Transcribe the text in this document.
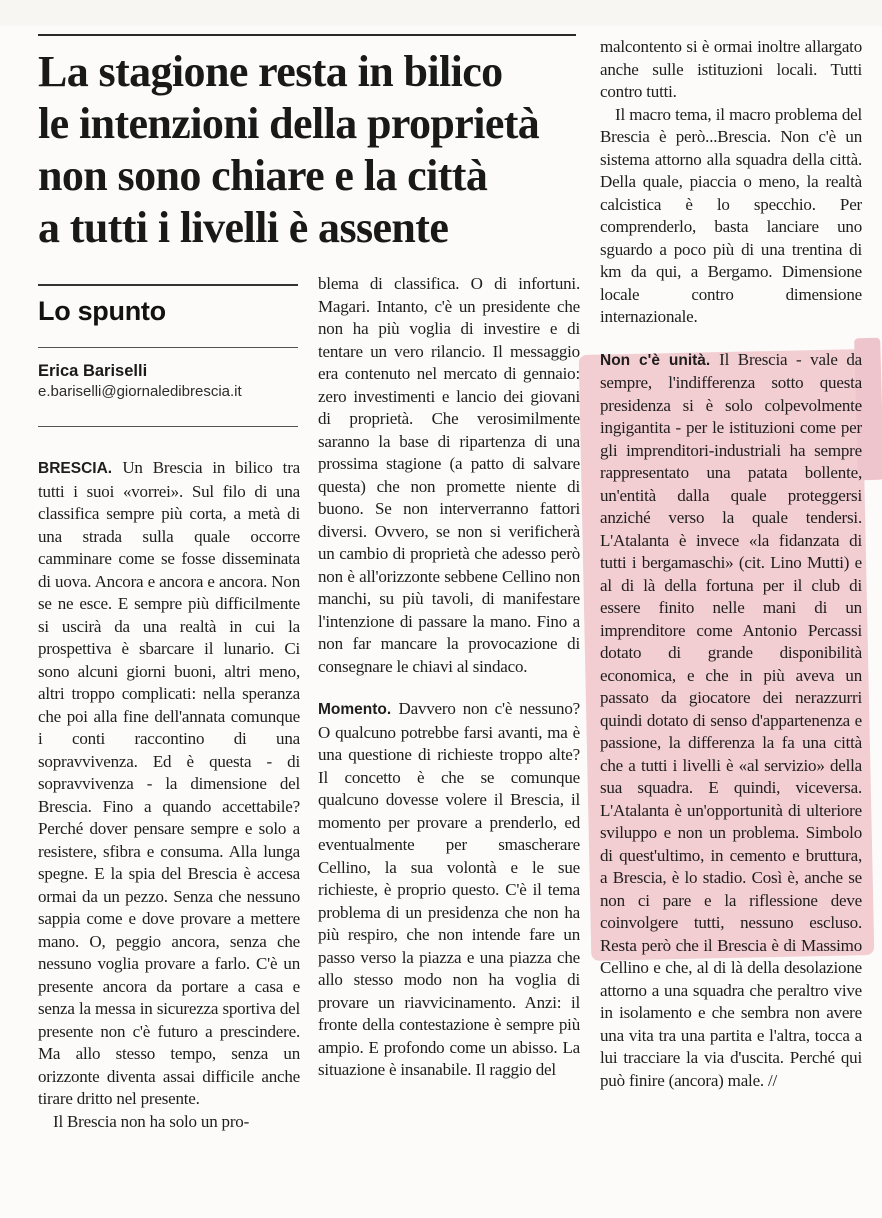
La stagione resta in bilico
le intenzioni della proprietà
non sono chiare e la città
a tutti i livelli è assente
Lo spunto
Erica Bariselli
e.bariselli@giornaledibrescia.it

BRESCIA. Un Brescia in bilico tra tutti i suoi «vorrei». Sul filo di una classifica sempre più corta, a metà di una strada sulla quale occorre camminare come se fosse disseminata di uova. Ancora e ancora e ancora. Non se ne esce. E sempre più difficilmente si uscirà da una realtà in cui la prospettiva è sbarcare il lunario. Ci sono alcuni giorni buoni, altri meno, altri troppo complicati: nella speranza che poi alla fine dell'annata comunque i conti raccontino di una sopravvivenza. Ed è questa - di sopravvivenza - la dimensione del Brescia. Fino a quando accettabile? Perché dover pensare sempre e solo a resistere, sfibra e consuma. Alla lunga spegne. E la spia del Brescia è accesa ormai da un pezzo. Senza che nessuno sappia come e dove provare a mettere mano. O, peggio ancora, senza che nessuno voglia provare a farlo. C'è un presente ancora da portare a casa e senza la messa in sicurezza sportiva del presente non c'è futuro a prescindere. Ma allo stesso tempo, senza un orizzonte diventa assai difficile anche tirare dritto nel presente.

Il Brescia non ha solo un pro-

blema di classifica. O di infortuni. Magari. Intanto, c'è un presidente che non ha più voglia di investire e di tentare un vero rilancio. Il messaggio era contenuto nel mercato di gennaio: zero investimenti e lancio dei giovani di proprietà. Che verosimilmente saranno la base di ripartenza di una prossima stagione (a patto di salvare questa) che non promette niente di buono. Se non interverranno fattori diversi. Ovvero, se non si verificherà un cambio di proprietà che adesso però non è all'orizzonte sebbene Cellino non manchi, su più tavoli, di manifestare l'intenzione di passare la mano. Fino a non far mancare la provocazione di consegnare le chiavi al sindaco.

Momento. Davvero non c'è nessuno? O qualcuno potrebbe farsi avanti, ma è una questione di richieste troppo alte? Il concetto è che se comunque qualcuno dovesse volere il Brescia, il momento per provare a prenderlo, ed eventualmente per smascherare Cellino, la sua volontà e le sue richieste, è proprio questo. C'è il tema problema di un presidenza che non ha più respiro, che non intende fare un passo verso la piazza e una piazza che allo stesso modo non ha voglia di provare un riavvicinamento. Anzi: il fronte della contestazione è sempre più ampio. E profondo come un abisso. La situazione è insanabile. Il raggio del

malcontento si è ormai inoltre allargato anche sulle istituzioni locali. Tutti contro tutti.

Il macro tema, il macro problema del Brescia è però...Brescia. Non c'è un sistema attorno alla squadra della città. Della quale, piaccia o meno, la realtà calcistica è lo specchio. Per comprenderlo, basta lanciare uno sguardo a poco più di una trentina di km da qui, a Bergamo. Dimensione locale contro dimensione internazionale.

Non c'è unità. Il Brescia - vale da sempre, l'indifferenza sotto questa presidenza si è solo colpevolmente ingigantita - per le istituzioni come per gli imprenditori-industriali ha sempre rappresentato una patata bollente, un'entità dalla quale proteggersi anziché verso la quale tendersi. L'Atalanta è invece «la fidanzata di tutti i bergamaschi» (cit. Lino Mutti) e al di là della fortuna per il club di essere finito nelle mani di un imprenditore come Antonio Percassi dotato di grande disponibilità economica, e che in più aveva un passato da giocatore dei nerazzurri quindi dotato di senso d'appartenenza e passione, la differenza la fa una città che a tutti i livelli è «al servizio» della sua squadra. E quindi, viceversa. L'Atalanta è un'opportunità di ulteriore sviluppo e non un problema. Simbolo di quest'ultimo, in cemento e bruttura, a Brescia, è lo stadio. Così è, anche se non ci pare e la riflessione deve coinvolgere tutti, nessuno escluso. Resta però che il Brescia è di Massimo Cellino e che, al di là della desolazione attorno a una squadra che peraltro vive in isolamento e che sembra non avere una vita tra una partita e l'altra, tocca a lui tracciare la via d'uscita. Perché qui può finire (ancora) male. //
